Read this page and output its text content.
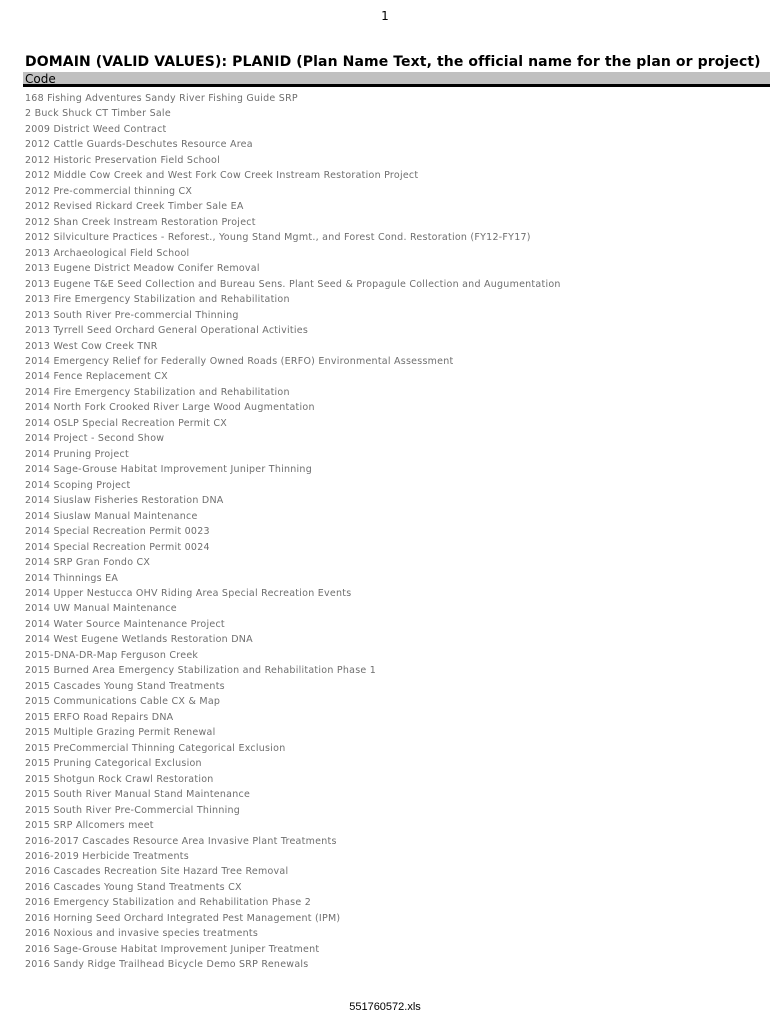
1
DOMAIN (VALID VALUES): PLANID (Plan Name Text, the official name for the plan or project)
Code
168 Fishing Adventures Sandy River Fishing Guide SRP
2 Buck Shuck CT Timber Sale
2009 District Weed Contract
2012 Cattle Guards-Deschutes Resource Area
2012 Historic Preservation Field School
2012 Middle Cow Creek and West Fork Cow Creek Instream Restoration Project
2012 Pre-commercial thinning CX
2012 Revised Rickard Creek Timber Sale EA
2012 Shan Creek Instream Restoration Project
2012 Silviculture Practices - Reforest., Young Stand Mgmt., and Forest Cond. Restoration (FY12-FY17)
2013 Archaeological Field School
2013 Eugene District Meadow Conifer Removal
2013 Eugene T&E Seed Collection and Bureau Sens. Plant Seed & Propagule Collection and Augumentation
2013 Fire Emergency Stabilization and Rehabilitation
2013 South River Pre-commercial Thinning
2013 Tyrrell Seed Orchard General Operational Activities
2013 West Cow Creek TNR
2014 Emergency Relief for Federally Owned Roads (ERFO) Environmental Assessment
2014 Fence Replacement CX
2014 Fire Emergency Stabilization and Rehabilitation
2014 North Fork Crooked River Large Wood Augmentation
2014 OSLP Special Recreation Permit CX
2014 Project - Second Show
2014 Pruning Project
2014 Sage-Grouse Habitat Improvement Juniper Thinning
2014 Scoping Project
2014 Siuslaw Fisheries Restoration DNA
2014 Siuslaw Manual Maintenance
2014 Special Recreation Permit 0023
2014 Special Recreation Permit 0024
2014 SRP Gran Fondo CX
2014 Thinnings EA
2014 Upper Nestucca OHV Riding Area Special Recreation Events
2014 UW Manual Maintenance
2014 Water Source Maintenance Project
2014 West Eugene Wetlands Restoration DNA
2015-DNA-DR-Map Ferguson Creek
2015 Burned Area Emergency Stabilization and Rehabilitation Phase 1
2015 Cascades Young Stand Treatments
2015 Communications Cable CX & Map
2015 ERFO Road Repairs DNA
2015 Multiple Grazing Permit Renewal
2015 PreCommercial Thinning Categorical Exclusion
2015 Pruning Categorical Exclusion
2015 Shotgun Rock Crawl Restoration
2015 South River Manual Stand Maintenance
2015 South River Pre-Commercial Thinning
2015 SRP Allcomers meet
2016-2017 Cascades Resource Area Invasive Plant Treatments
2016-2019 Herbicide Treatments
2016 Cascades Recreation Site Hazard Tree Removal
2016 Cascades Young Stand Treatments CX
2016 Emergency Stabilization and Rehabilitation Phase 2
2016 Horning Seed Orchard Integrated Pest Management (IPM)
2016 Noxious and invasive species treatments
2016 Sage-Grouse Habitat Improvement Juniper Treatment
2016 Sandy Ridge Trailhead Bicycle Demo SRP Renewals
551760572.xls
